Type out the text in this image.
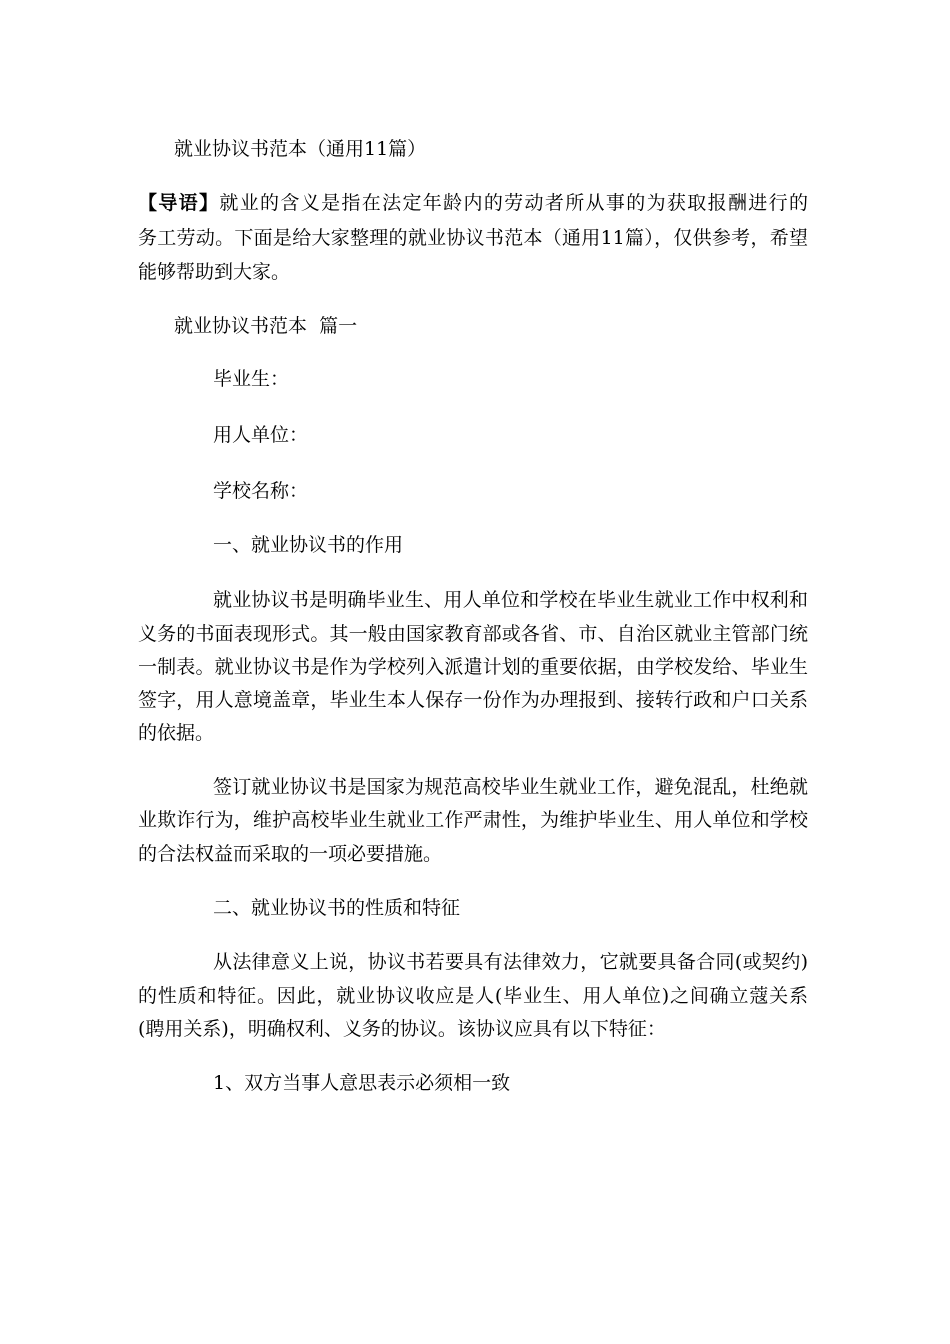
就业协议书范本（通用11篇）
【导语】就业的含义是指在法定年龄内的劳动者所从事的为获取报酬进行的
务工劳动。下面是给大家整理的就业协议书范本（通用11篇），仅供参考，希望
能够帮助到大家。
就业协议书范本  篇一
毕业生：
用人单位：
学校名称：
一、就业协议书的作用
就业协议书是明确毕业生、用人单位和学校在毕业生就业工作中权利和
义务的书面表现形式。其一般由国家教育部或各省、市、自治区就业主管部门统
一制表。就业协议书是作为学校列入派遣计划的重要依据，由学校发给、毕业生
签字，用人意境盖章，毕业生本人保存一份作为办理报到、接转行政和户口关系
的依据。
签订就业协议书是国家为规范高校毕业生就业工作，避免混乱，杜绝就
业欺诈行为，维护高校毕业生就业工作严肃性，为维护毕业生、用人单位和学校
的合法权益而采取的一项必要措施。
二、就业协议书的性质和特征
从法律意义上说，协议书若要具有法律效力，它就要具备合同(或契约)
的性质和特征。因此，就业协议收应是人(毕业生、用人单位)之间确立蔻关系
(聘用关系)，明确权利、义务的协议。该协议应具有以下特征：
1、双方当事人意思表示必须相一致
